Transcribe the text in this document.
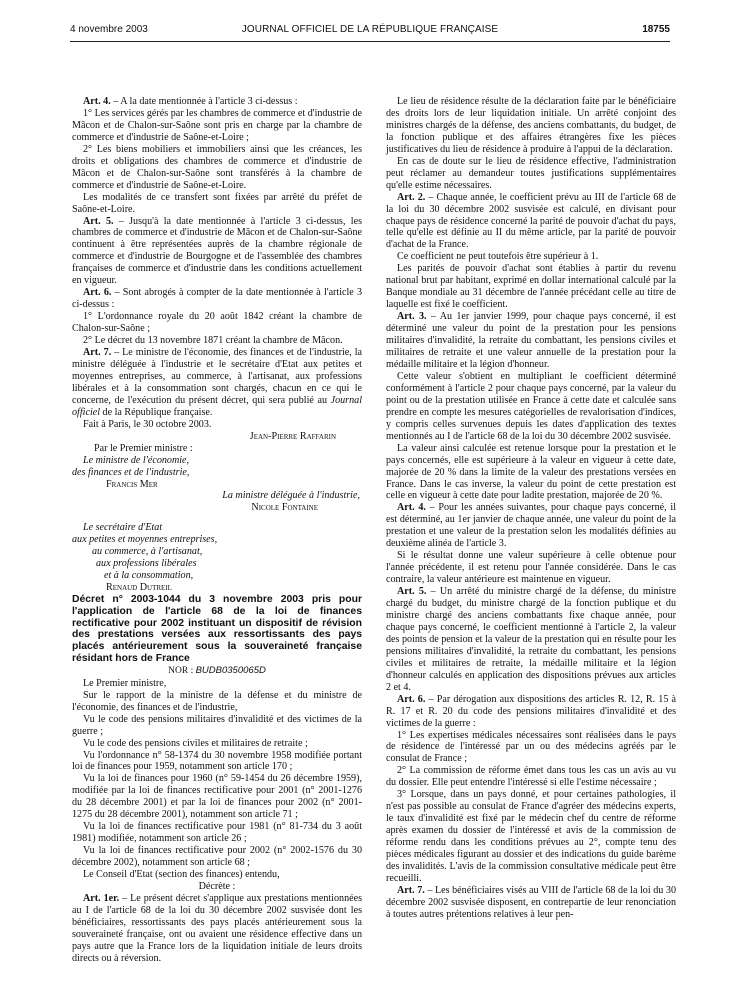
4 novembre 2003	JOURNAL OFFICIEL DE LA RÉPUBLIQUE FRANÇAISE	18755

Art. 4. – A la date mentionnée à l'article 3 ci-dessus :

1° Les services gérés par les chambres de commerce et d'industrie de Mâcon et de Chalon-sur-Saône sont pris en charge par la chambre de commerce et d'industrie de Saône-et-Loire ;

2° Les biens mobiliers et immobiliers ainsi que les créances, les droits et obligations des chambres de commerce et d'industrie de Mâcon et de Chalon-sur-Saône sont transférés à la chambre de commerce et d'industrie de Saône-et-Loire.

Les modalités de ce transfert sont fixées par arrêté du préfet de Saône-et-Loire.

Art. 5. – Jusqu'à la date mentionnée à l'article 3 ci-dessus, les chambres de commerce et d'industrie de Mâcon et de Chalon-sur-Saône continuent à être représentées auprès de la chambre régionale de commerce et d'industrie de Bourgogne et de l'assemblée des chambres françaises de commerce et d'industrie dans les conditions actuellement en vigueur.

Art. 6. – Sont abrogés à compter de la date mentionnée à l'article 3 ci-dessus :

1° L'ordonnance royale du 20 août 1842 créant la chambre de Chalon-sur-Saône ;

2° Le décret du 13 novembre 1871 créant la chambre de Mâcon.

Art. 7. – Le ministre de l'économie, des finances et de l'industrie, la ministre déléguée à l'industrie et le secrétaire d'Etat aux petites et moyennes entreprises, au commerce, à l'artisanat, aux professions libérales et à la consommation sont chargés, chacun en ce qui le concerne, de l'exécution du présent décret, qui sera publié au Journal officiel de la République française.

Fait à Paris, le 30 octobre 2003.

Jean-Pierre Raffarin
Par le Premier ministre :
Le ministre de l'économie,
des finances et de l'industrie,
Francis Mer
La ministre déléguée à l'industrie,
Nicole Fontaine
Le secrétaire d'Etat
aux petites et moyennes entreprises,
au commerce, à l'artisanat,
aux professions libérales
et à la consommation,
Renaud Dutreil

Décret n° 2003-1044 du 3 novembre 2003 pris pour l'application de l'article 68 de la loi de finances rectificative pour 2002 instituant un dispositif de révision des prestations versées aux ressortissants des pays placés antérieurement sous la souveraineté française résidant hors de France

NOR : BUDB0350065D

Le Premier ministre,

Sur le rapport de la ministre de la défense et du ministre de l'économie, des finances et de l'industrie,

Vu le code des pensions militaires d'invalidité et des victimes de la guerre ;

Vu le code des pensions civiles et militaires de retraite ;

Vu l'ordonnance n° 58-1374 du 30 novembre 1958 modifiée portant loi de finances pour 1959, notamment son article 170 ;

Vu la loi de finances pour 1960 (n° 59-1454 du 26 décembre 1959), modifiée par la loi de finances rectificative pour 2001 (n° 2001-1276 du 28 décembre 2001) et par la loi de finances pour 2002 (n° 2001-1275 du 28 décembre 2001), notamment son article 71 ;

Vu la loi de finances rectificative pour 1981 (n° 81-734 du 3 août 1981) modifiée, notamment son article 26 ;

Vu la loi de finances rectificative pour 2002 (n° 2002-1576 du 30 décembre 2002), notamment son article 68 ;

Le Conseil d'Etat (section des finances) entendu,

Décrète :

Art. 1er. – Le présent décret s'applique aux prestations mentionnées au I de l'article 68 de la loi du 30 décembre 2002 susvisée dont les bénéficiaires, ressortissants des pays placés antérieurement sous la souveraineté française, ont ou avaient une résidence effective dans un pays autre que la France lors de la liquidation initiale de leurs droits directs ou à réversion.

Le lieu de résidence résulte de la déclaration faite par le bénéficiaire des droits lors de leur liquidation initiale. Un arrêté conjoint des ministres chargés de la défense, des anciens combattants, du budget, de la fonction publique et des affaires étrangères fixe les pièces justificatives du lieu de résidence à produire à l'appui de la déclaration.

En cas de doute sur le lieu de résidence effective, l'administration peut réclamer au demandeur toutes justifications supplémentaires qu'elle estime nécessaires.

Art. 2. – Chaque année, le coefficient prévu au III de l'article 68 de la loi du 30 décembre 2002 susvisée est calculé, en divisant pour chaque pays de résidence concerné la parité de pouvoir d'achat du pays, telle qu'elle est définie au II du même article, par la parité de pouvoir d'achat de la France.

Ce coefficient ne peut toutefois être supérieur à 1.

Les parités de pouvoir d'achat sont établies à partir du revenu national brut par habitant, exprimé en dollar international calculé par la Banque mondiale au 31 décembre de l'année précédant celle au titre de laquelle est fixé le coefficient.

Art. 3. – Au 1er janvier 1999, pour chaque pays concerné, il est déterminé une valeur du point de la prestation pour les pensions militaires d'invalidité, la retraite du combattant, les pensions civiles et militaires de retraite et une valeur annuelle de la prestation pour la médaille militaire et la légion d'honneur.

Cette valeur s'obtient en multipliant le coefficient déterminé conformément à l'article 2 pour chaque pays concerné, par la valeur du point ou de la prestation utilisée en France à cette date et calculée sans prendre en compte les mesures catégorielles de revalorisation d'indices, y compris celles survenues depuis les dates d'application des textes mentionnés au I de l'article 68 de la loi du 30 décembre 2002 susvisée.

La valeur ainsi calculée est retenue lorsque pour la prestation et le pays concernés, elle est supérieure à la valeur en vigueur à cette date, majorée de 20 % dans la limite de la valeur des prestations versées en France. Dans le cas inverse, la valeur du point de cette prestation est celle en vigueur à cette date pour ladite prestation, majorée de 20 %.

Art. 4. – Pour les années suivantes, pour chaque pays concerné, il est déterminé, au 1er janvier de chaque année, une valeur du point de la prestation et une valeur de la prestation selon les modalités définies au deuxième alinéa de l'article 3.

Si le résultat donne une valeur supérieure à celle obtenue pour l'année précédente, il est retenu pour l'année considérée. Dans le cas contraire, la valeur antérieure est maintenue en vigueur.

Art. 5. – Un arrêté du ministre chargé de la défense, du ministre chargé du budget, du ministre chargé de la fonction publique et du ministre chargé des anciens combattants fixe chaque année, pour chaque pays concerné, le coefficient mentionné à l'article 2, la valeur des points de pension et la valeur de la prestation qui en résulte pour les pensions militaires d'invalidité, la retraite du combattant, les pensions civiles et militaires de retraite, la médaille militaire et la légion d'honneur calculés en application des dispositions prévues aux articles 2 et 4.

Art. 6. – Par dérogation aux dispositions des articles R. 12, R. 15 à R. 17 et R. 20 du code des pensions militaires d'invalidité et des victimes de la guerre :

1° Les expertises médicales nécessaires sont réalisées dans le pays de résidence de l'intéressé par un ou des médecins agréés par le consulat de France ;

2° La commission de réforme émet dans tous les cas un avis au vu du dossier. Elle peut entendre l'intéressé si elle l'estime nécessaire ;

3° Lorsque, dans un pays donné, et pour certaines pathologies, il n'est pas possible au consulat de France d'agréer des médecins experts, le taux d'invalidité est fixé par le médecin chef du centre de réforme après examen du dossier de l'intéressé et avis de la commission de réforme rendu dans les conditions prévues au 2°, compte tenu des pièces médicales figurant au dossier et des indications du guide barème des invalidités. L'avis de la commission consultative médicale peut être recueilli.

Art. 7. – Les bénéficiaires visés au VIII de l'article 68 de la loi du 30 décembre 2002 susvisée disposent, en contrepartie de leur renonciation à toutes autres prétentions relatives à leur pen-
